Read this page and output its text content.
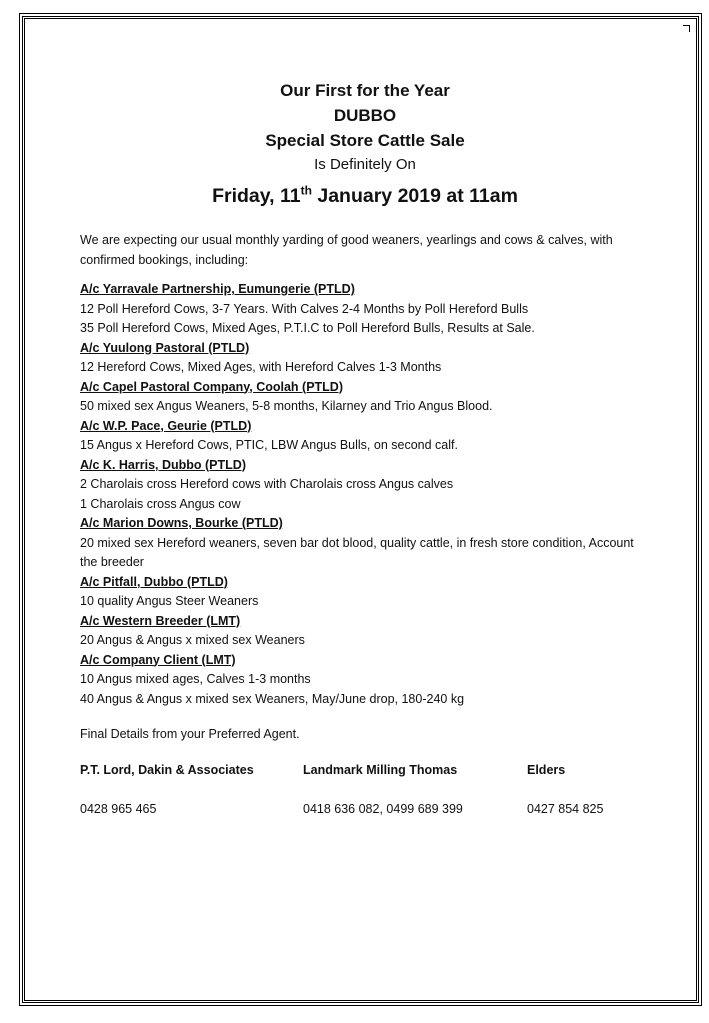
Our First for the Year
DUBBO
Special Store Cattle Sale
Is Definitely On
Friday, 11th January 2019 at 11am
We are expecting our usual monthly yarding of good weaners, yearlings and cows & calves, with confirmed bookings, including:
A/c Yarravale Partnership, Eumungerie (PTLD)
12 Poll Hereford Cows, 3-7 Years. With Calves 2-4 Months by Poll Hereford Bulls
35 Poll Hereford Cows, Mixed Ages, P.T.I.C to Poll Hereford Bulls, Results at Sale.
A/c Yuulong Pastoral (PTLD)
12 Hereford Cows, Mixed Ages, with Hereford Calves 1-3 Months
A/c Capel Pastoral Company, Coolah (PTLD)
50 mixed sex Angus Weaners, 5-8 months, Kilarney and Trio Angus Blood.
A/c W.P. Pace, Geurie (PTLD)
15 Angus x Hereford Cows, PTIC, LBW Angus Bulls, on second calf.
A/c K. Harris, Dubbo (PTLD)
2 Charolais cross Hereford cows with Charolais cross Angus calves
1 Charolais cross Angus cow
A/c Marion Downs, Bourke (PTLD)
20 mixed sex Hereford weaners, seven bar dot blood, quality cattle, in fresh store condition, Account the breeder
A/c Pitfall, Dubbo (PTLD)
10 quality Angus Steer Weaners
A/c Western Breeder (LMT)
20 Angus & Angus x mixed sex Weaners
A/c Company Client (LMT)
10 Angus mixed ages, Calves 1-3 months
40 Angus & Angus x mixed sex Weaners, May/June drop, 180-240 kg
Final Details from your Preferred Agent.
P.T. Lord, Dakin & Associates
0428 965 465
Landmark Milling Thomas
0418 636 082, 0499 689 399
Elders
0427 854 825
